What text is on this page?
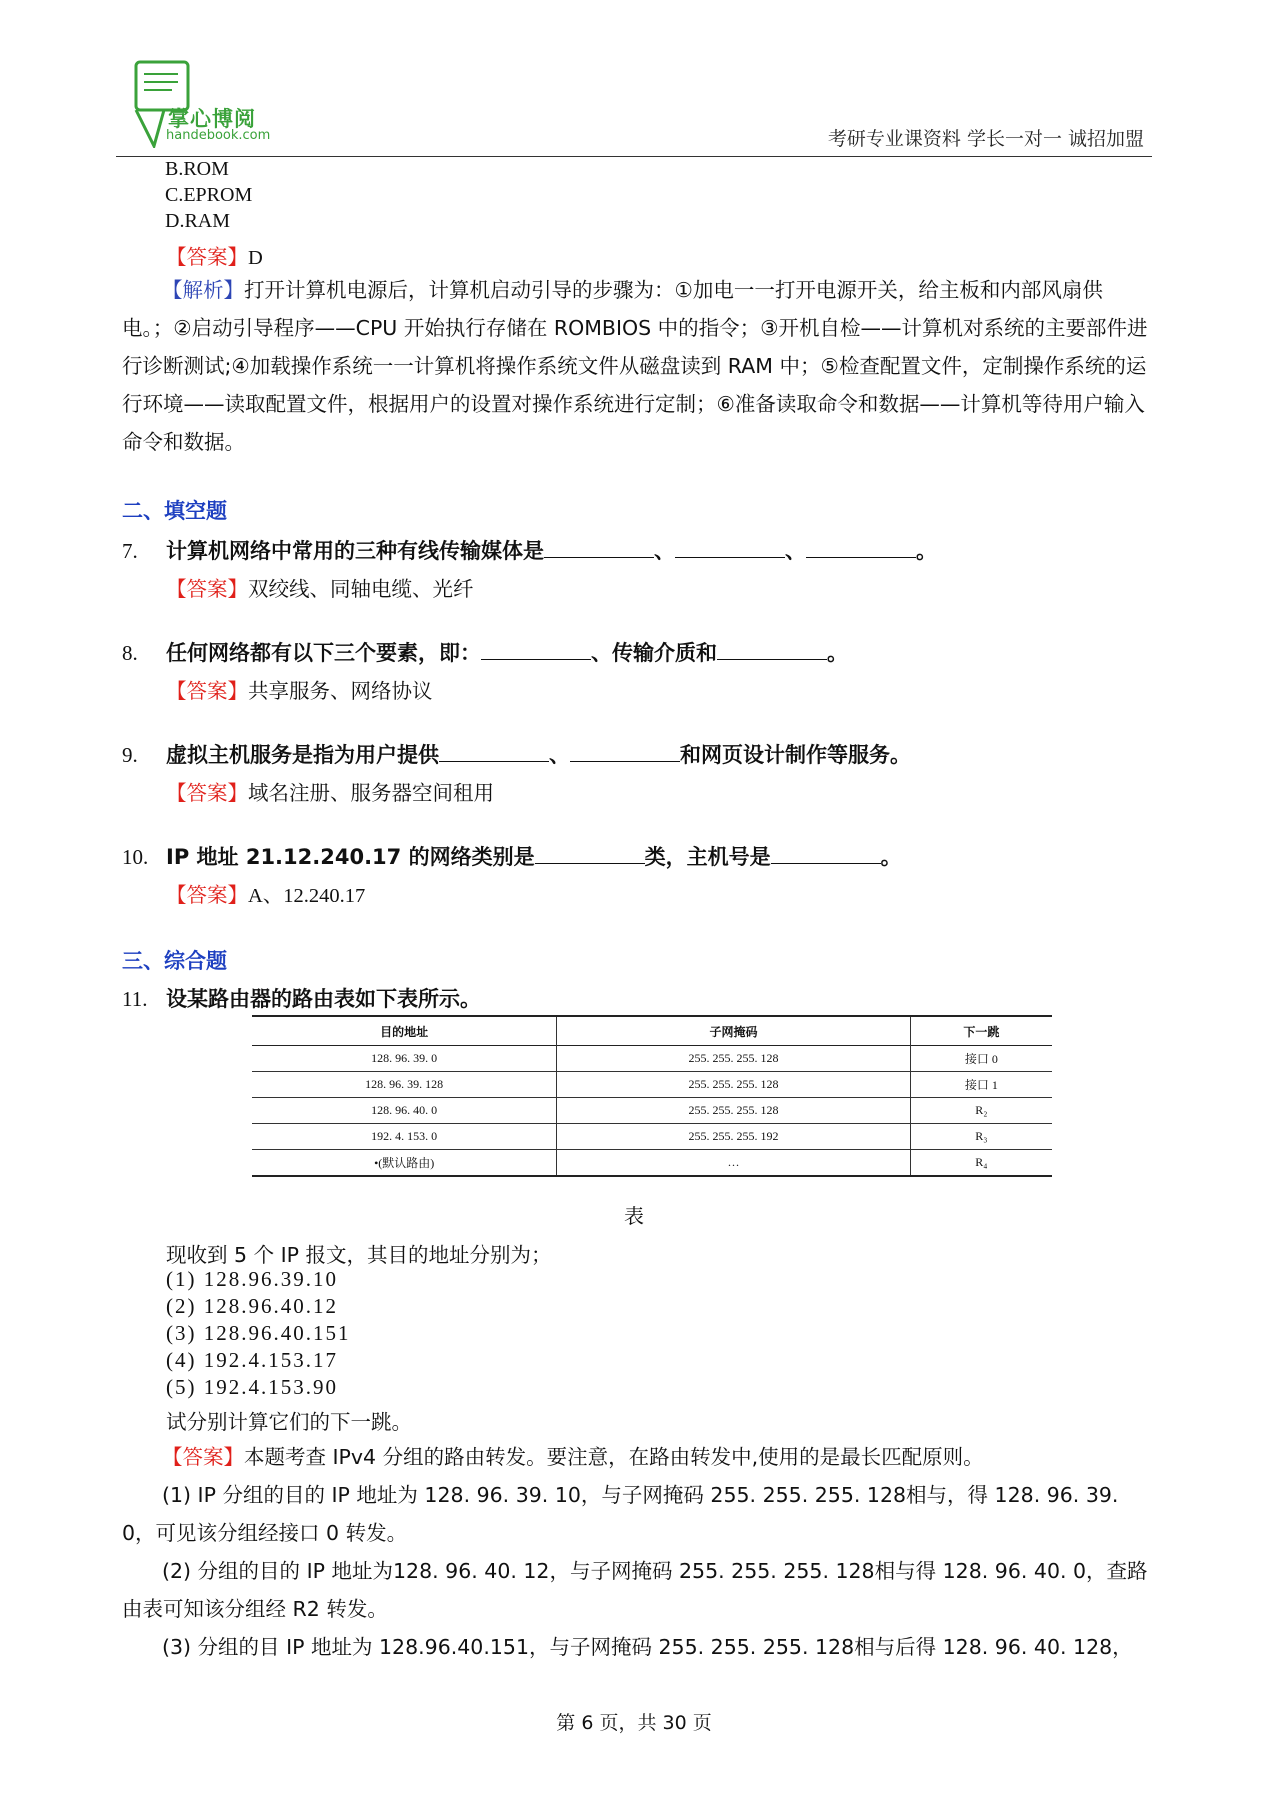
掌心博阅
handebook.com	考研专业课资料 学长一对一 诚招加盟
B.ROM
C.EPROM
D.RAM
【答案】D
【解析】打开计算机电源后，计算机启动引导的步骤为：①加电一一打开电源开关，给主板和内部风扇供电。；②启动引导程序——CPU 开始执行存储在 ROMBIOS 中的指令；③开机自检——计算机对系统的主要部件进行诊断测试;④加载操作系统一一计算机将操作系统文件从磁盘读到 RAM 中；⑤检查配置文件，定制操作系统的运行环境——读取配置文件，根据用户的设置对操作系统进行定制；⑥准备读取命令和数据——计算机等待用户输入命令和数据。
二、填空题
7. 计算机网络中常用的三种有线传输媒体是	、	、	。
【答案】双绞线、同轴电缆、光纤
8. 任何网络都有以下三个要素，即：	、传输介质和	。
【答案】共享服务、网络协议
9. 虚拟主机服务是指为用户提供	、	和网页设计制作等服务。
【答案】域名注册、服务器空间租用
10. IP 地址 21.12.240.17 的网络类别是	类，主机号是	。
【答案】A、12.240.17
三、综合题
11. 设某路由器的路由表如下表所示。
目的地址	子网掩码	下一跳
128. 96. 39. 0	255. 255. 255. 128	接口 0
128. 96. 39. 128	255. 255. 255. 128	接口 1
128. 96. 40. 0	255. 255. 255. 128	R₂
192. 4. 153. 0	255. 255. 255. 192	R₃
•(默认路由)	…	R₄
表
现收到 5 个 IP 报文，其目的地址分别为；
(1) 128.96.39.10
(2) 128.96.40.12
(3) 128.96.40.151
(4) 192.4.153.17
(5) 192.4.153.90
试分别计算它们的下一跳。
【答案】本题考查 IPv4 分组的路由转发。要注意，在路由转发中,使用的是最长匹配原则。
(1) IP 分组的目的 IP 地址为 128. 96. 39. 10，与子网掩码 255. 255. 255. 128相与，得 128. 96. 39. 0，可见该分组经接口 0 转发。
(2) 分组的目的 IP 地址为128. 96. 40. 12，与子网掩码 255. 255. 255. 128相与得 128. 96. 40. 0，查路由表可知该分组经 R2 转发。
(3) 分组的目 IP 地址为 128.96.40.151，与子网掩码 255. 255. 255. 128相与后得 128. 96. 40. 128，
第 6 页，共 30 页
